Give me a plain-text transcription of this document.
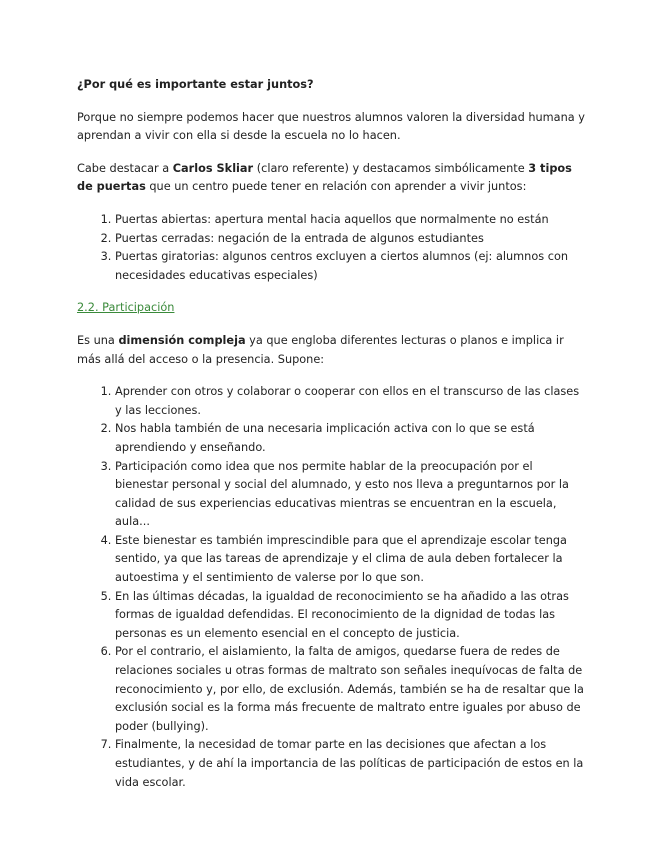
¿Por qué es importante estar juntos?

Porque no siempre podemos hacer que nuestros alumnos valoren la diversidad humana y aprendan a vivir con ella si desde la escuela no lo hacen.

Cabe destacar a Carlos Skliar (claro referente) y destacamos simbólicamente 3 tipos de puertas que un centro puede tener en relación con aprender a vivir juntos:

1. Puertas abiertas: apertura mental hacia aquellos que normalmente no están
2. Puertas cerradas: negación de la entrada de algunos estudiantes
3. Puertas giratorias: algunos centros excluyen a ciertos alumnos (ej: alumnos con necesidades educativas especiales)
2.2. Participación

Es una dimensión compleja ya que engloba diferentes lecturas o planos e implica ir más allá del acceso o la presencia. Supone:

1. Aprender con otros y colaborar o cooperar con ellos en el transcurso de las clases y las lecciones.
2. Nos habla también de una necesaria implicación activa con lo que se está aprendiendo y enseñando.
3. Participación como idea que nos permite hablar de la preocupación por el bienestar personal y social del alumnado, y esto nos lleva a preguntarnos por la calidad de sus experiencias educativas mientras se encuentran en la escuela, aula...
4. Este bienestar es también imprescindible para que el aprendizaje escolar tenga sentido, ya que las tareas de aprendizaje y el clima de aula deben fortalecer la autoestima y el sentimiento de valerse por lo que son.
5. En las últimas décadas, la igualdad de reconocimiento se ha añadido a las otras formas de igualdad defendidas. El reconocimiento de la dignidad de todas las personas es un elemento esencial en el concepto de justicia.
6. Por el contrario, el aislamiento, la falta de amigos, quedarse fuera de redes de relaciones sociales u otras formas de maltrato son señales inequívocas de falta de reconocimiento y, por ello, de exclusión. Además, también se ha de resaltar que la exclusión social es la forma más frecuente de maltrato entre iguales por abuso de poder (bullying).
7. Finalmente, la necesidad de tomar parte en las decisiones que afectan a los estudiantes, y de ahí la importancia de las políticas de participación de estos en la vida escolar.
